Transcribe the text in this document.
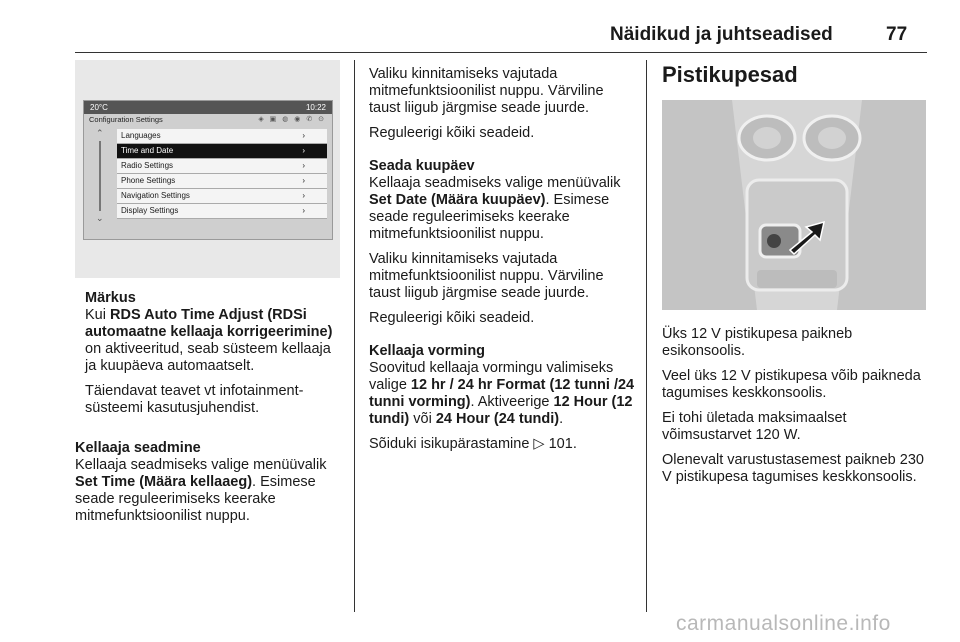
Näidikud ja juhtseadised	77
20°C	10:22
Configuration Settings	◈ ▣ ◍ ◉ ✆ ⊙
⌃
⌄
Languages	›
Time and Date	›
Radio Settings	›
Phone Settings	›
Navigation Settings	›
Display Settings	›
Märkus

Kui RDS Auto Time Adjust (RDSi automaatne kellaaja korrigeerimine) on aktiveeritud, seab süsteem kellaaja ja kuupäeva automaatselt.

Täiendavat teavet vt infotainment-süsteemi kasutusjuhendist.

Kellaaja seadmine

Kellaaja seadmiseks valige menüüvalik Set Time (Määra kellaaeg). Esimese seade reguleerimiseks keerake mitmefunktsioonilist nuppu.

Valiku kinnitamiseks vajutada mitmefunktsioonilist nuppu. Värviline taust liigub järgmise seade juurde.

Reguleerigi kõiki seadeid.

Seada kuupäev

Kellaaja seadmiseks valige menüüvalik Set Date (Määra kuupäev). Esimese seade reguleerimiseks keerake mitmefunktsioonilist nuppu.

Valiku kinnitamiseks vajutada mitmefunktsioonilist nuppu. Värviline taust liigub järgmise seade juurde.

Reguleerigi kõiki seadeid.

Kellaaja vorming

Soovitud kellaaja vormingu valimiseks valige 12 hr / 24 hr Format (12 tunni /24 tunni vorming). Aktiveerige 12 Hour (12 tundi) või 24 Hour (24 tundi).

Sõiduki isikupärastamine ▷ 101.

Pistikupesad

Üks 12 V pistikupesa paikneb esikonsoolis.

Veel üks 12 V pistikupesa võib paikneda tagumises keskkonsoolis.

Ei tohi ületada maksimaalset võimsustarvet 120 W.

Olenevalt varustustasemest paikneb 230 V pistikupesa tagumises keskkonsoolis.

carmanualsonline.info
